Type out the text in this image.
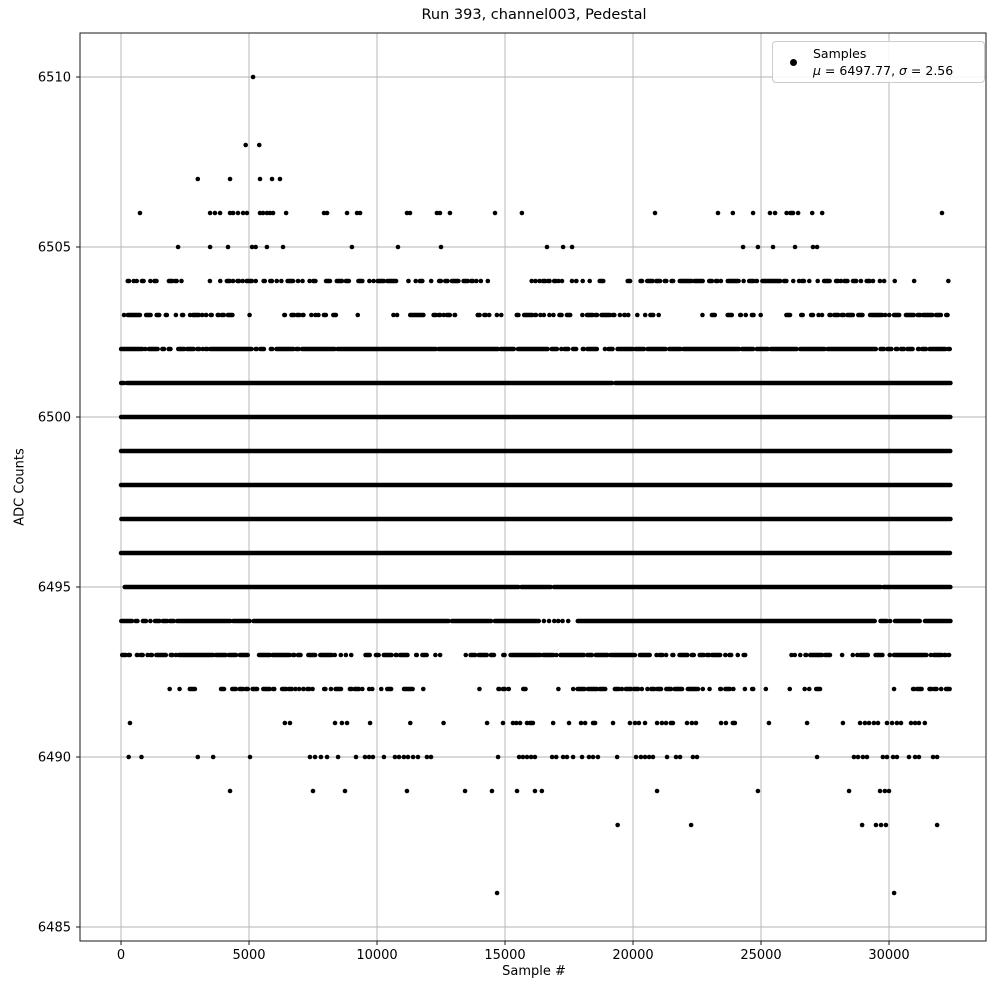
0	5000	10000	15000	20000	25000	30000
6485
6490
6495
6500
6505
6510
Run 393, channel003, Pedestal
Sample #
ADC Counts
Samples
μ = 6497.77, σ = 2.56
